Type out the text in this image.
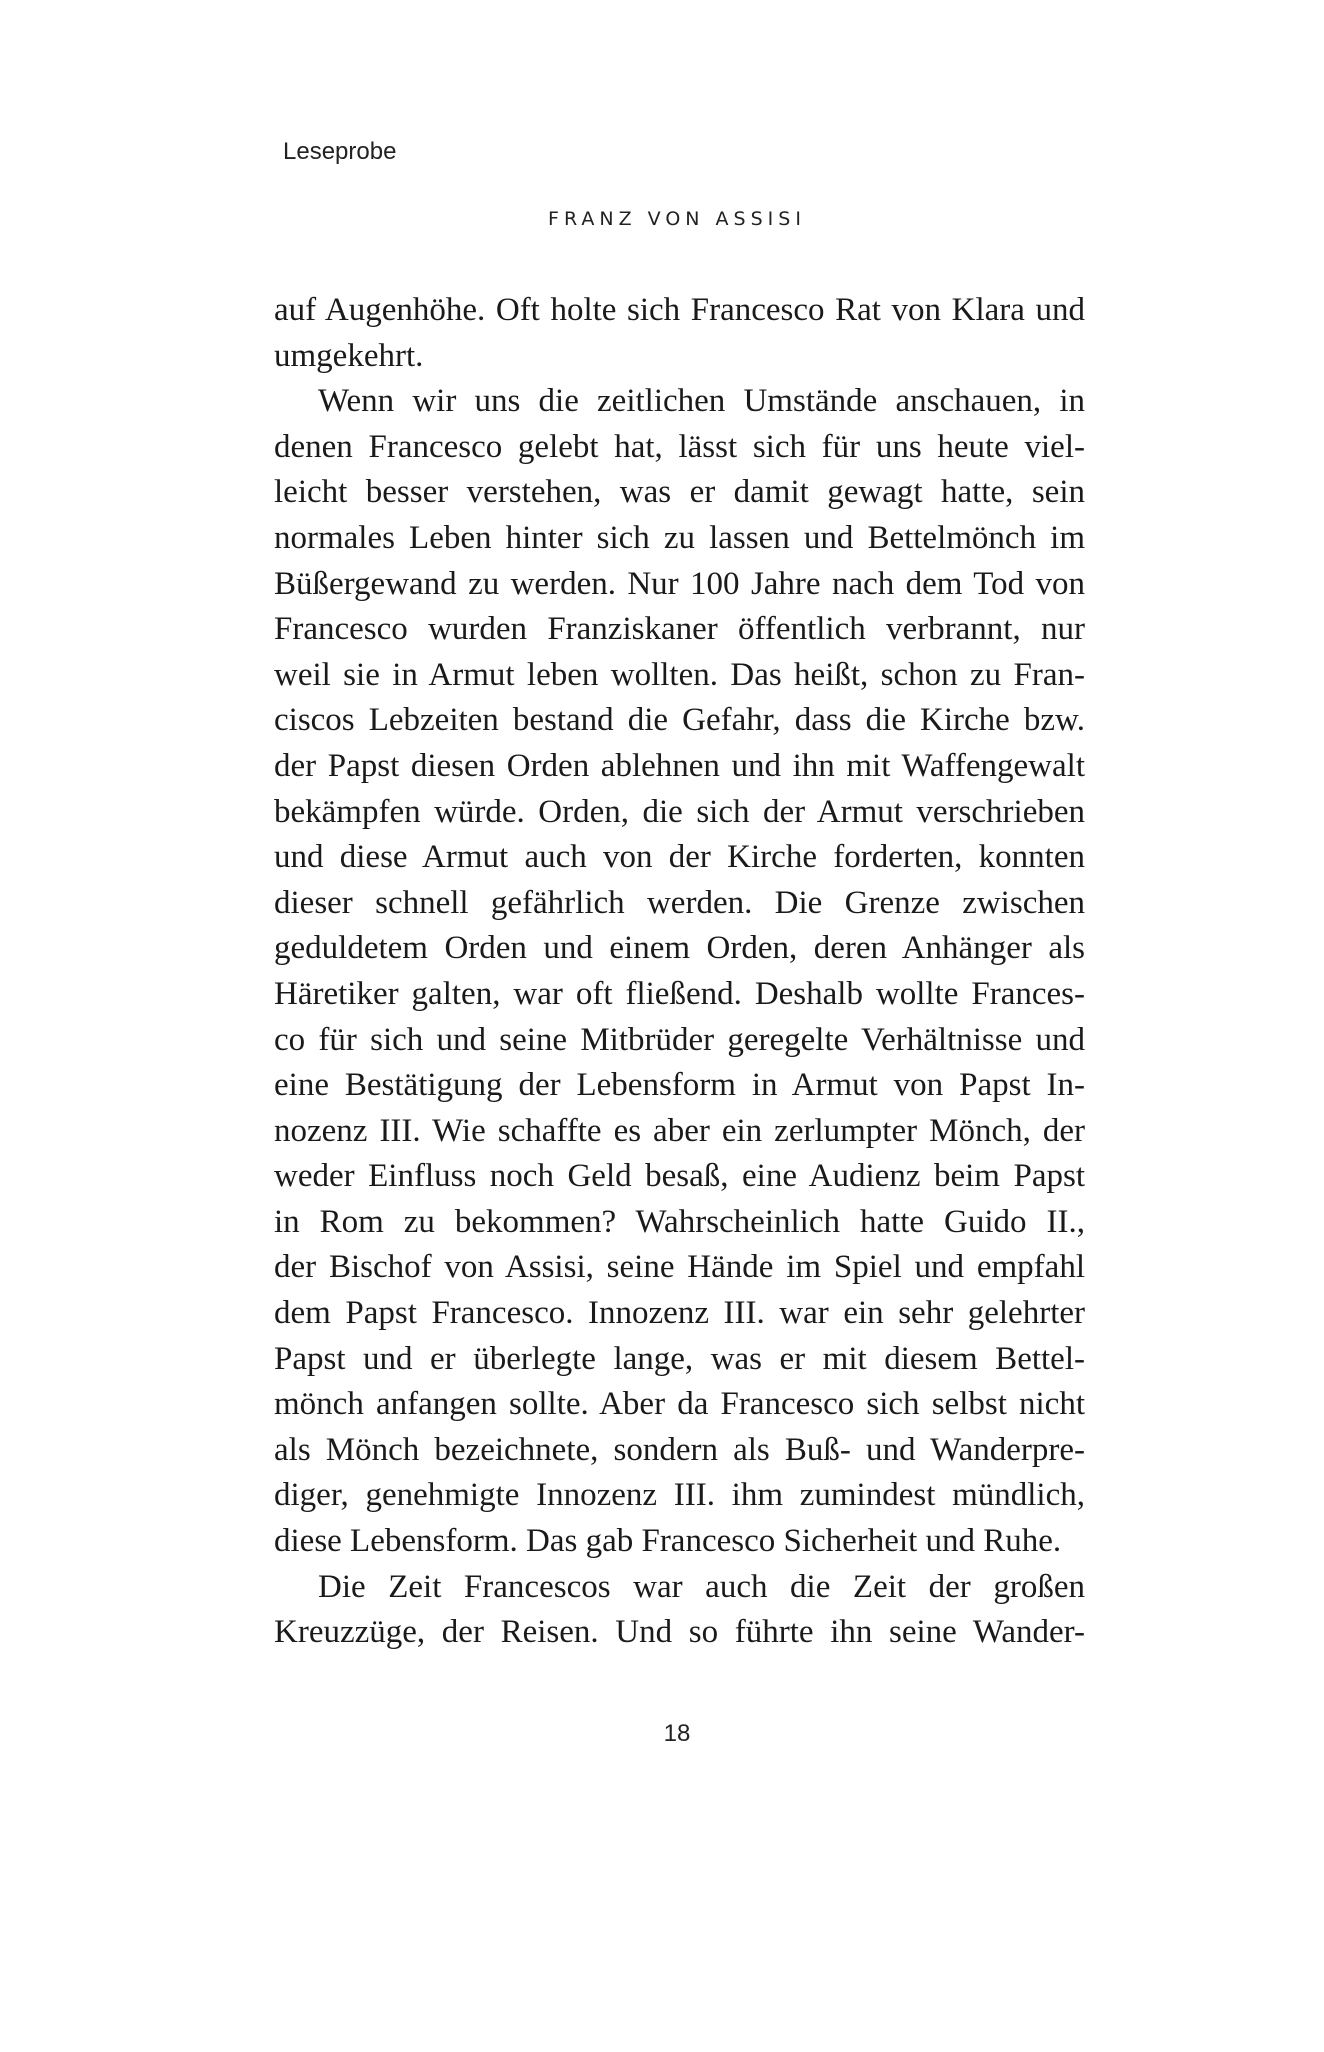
Leseprobe
FRANZ VON ASSISI
auf Augenhöhe. Oft holte sich Francesco Rat von Klara und
umgekehrt.
Wenn wir uns die zeitlichen Umstände anschauen, in
denen Francesco gelebt hat, lässt sich für uns heute viel-
leicht besser verstehen, was er damit gewagt hatte, sein
normales Leben hinter sich zu lassen und Bettelmönch im
Büßergewand zu werden. Nur 100 Jahre nach dem Tod von
Francesco wurden Franziskaner öffentlich verbrannt, nur
weil sie in Armut leben wollten. Das heißt, schon zu Fran-
ciscos Lebzeiten bestand die Gefahr, dass die Kirche bzw.
der Papst diesen Orden ablehnen und ihn mit Waffengewalt
bekämpfen würde. Orden, die sich der Armut verschrieben
und diese Armut auch von der Kirche forderten, konnten
dieser schnell gefährlich werden. Die Grenze zwischen
geduldetem Orden und einem Orden, deren Anhänger als
Häretiker galten, war oft fließend. Deshalb wollte Frances-
co für sich und seine Mitbrüder geregelte Verhältnisse und
eine Bestätigung der Lebensform in Armut von Papst In-
nozenz III. Wie schaffte es aber ein zerlumpter Mönch, der
weder Einfluss noch Geld besaß, eine Audienz beim Papst
in Rom zu bekommen? Wahrscheinlich hatte Guido II.,
der Bischof von Assisi, seine Hände im Spiel und empfahl
dem Papst Francesco. Innozenz III. war ein sehr gelehrter
Papst und er überlegte lange, was er mit diesem Bettel-
mönch anfangen sollte. Aber da Francesco sich selbst nicht
als Mönch bezeichnete, sondern als Buß- und Wanderpre-
diger, genehmigte Innozenz III. ihm zumindest mündlich,
diese Lebensform. Das gab Francesco Sicherheit und Ruhe.
Die Zeit Francescos war auch die Zeit der großen
Kreuzzüge, der Reisen. Und so führte ihn seine Wander-
18
